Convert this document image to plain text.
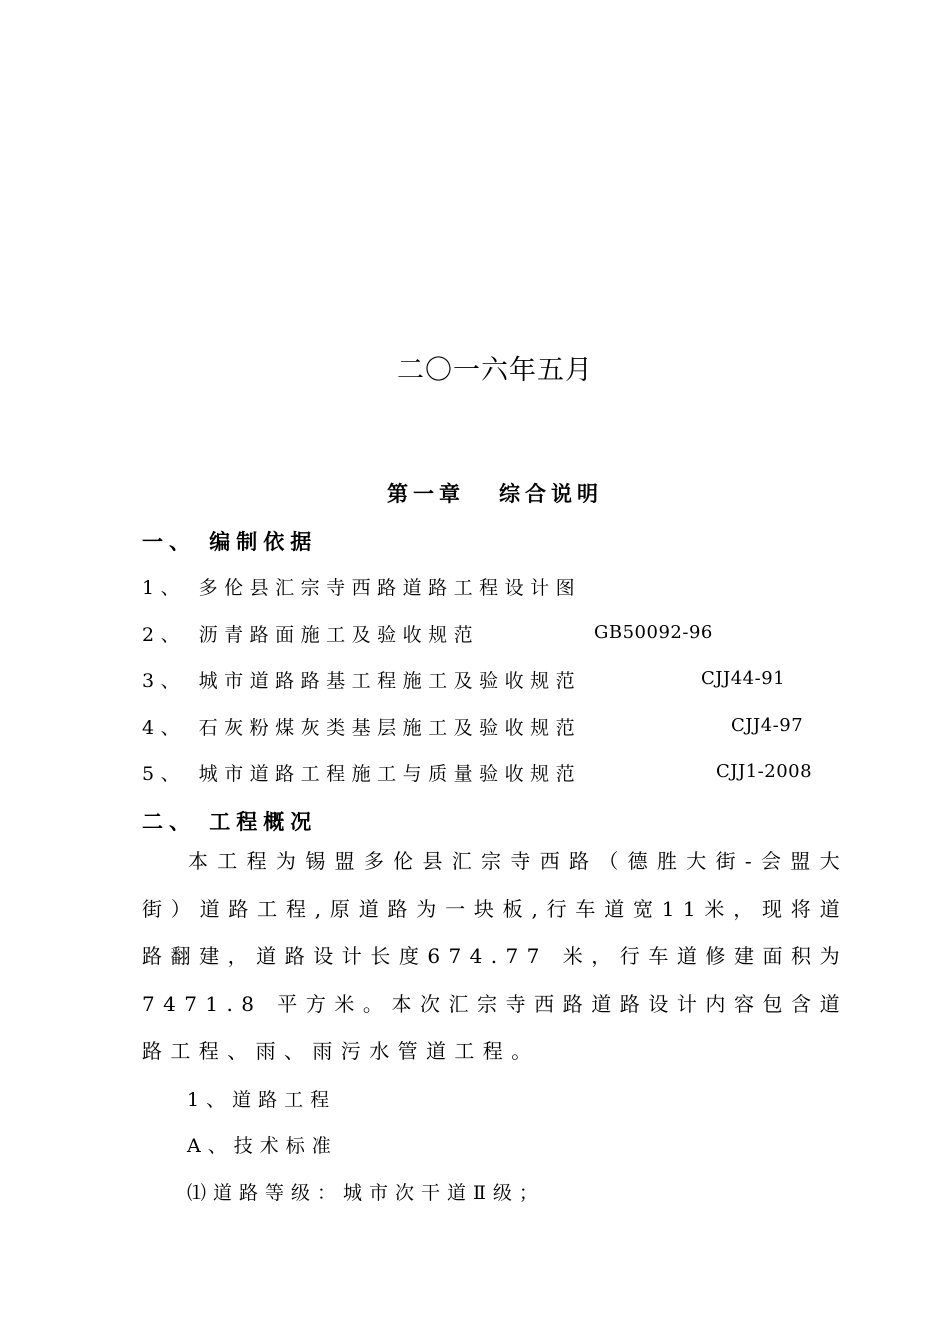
二〇一六年五月
第一章 综合说明
一、 编制依据
1、 多伦县汇宗寺西路道路工程设计图
2、 沥青路面施工及验收规范	GB50092-96
3、 城市道路路基工程施工及验收规范	CJJ44-91
4、 石灰粉煤灰类基层施工及验收规范	CJJ4-97
5、 城市道路工程施工与质量验收规范	CJJ1-2008
二、 工程概况
本工程为锡盟多伦县汇宗寺西路（德胜大街-会盟大街）道路工程,原道路为一块板,行车道宽11米，现将道路翻建，道路设计长度674.77 米，行车道修建面积为7471.8 平方米。本次汇宗寺西路道路设计内容包含道路工程、雨、雨污水管道工程。
1、道路工程
A、技术标准
⑴道路等级：城市次干道Ⅱ级；
